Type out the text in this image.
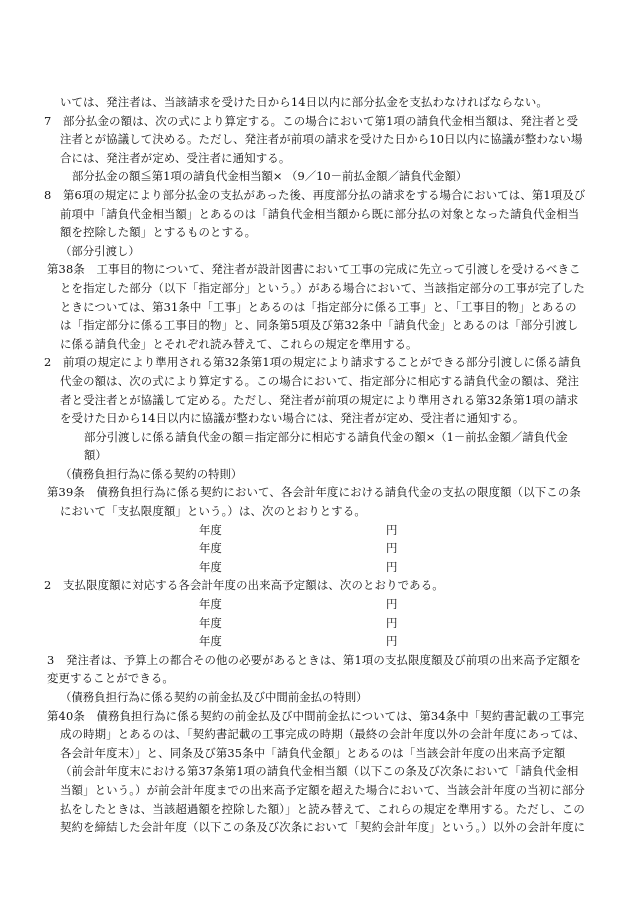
いては、発注者は、当該請求を受けた日から14日以内に部分払金を支払わなければならない。

7　 部分払金の額は、次の式により算定する。この場合において第1項の請負代金相当額は、発注者と受注者とが協議して決める。ただし、発注者が前項の請求を受けた日から10日以内に協議が整わない場合には、発注者が定め、受注者に通知する。

部分払金の額≦第1項の請負代金相当額× （9／10－前払金額／請負代金額）

8　 第6項の規定により部分払金の支払があった後、再度部分払の請求をする場合においては、第1項及び前項中「請負代金相当額」とあるのは「請負代金相当額から既に部分払の対象となった請負代金相当額を控除した額」とするものとする。

（部分引渡し）

第38条　 工事目的物について、発注者が設計図書において工事の完成に先立って引渡しを受けるべきことを指定した部分（以下「指定部分」という。）がある場合において、当該指定部分の工事が完了したときについては、第31条中「工事」とあるのは「指定部分に係る工事」と、「工事目的物」とあるのは「指定部分に係る工事目的物」と、同条第5項及び第32条中「請負代金」とあるのは「部分引渡しに係る請負代金」とそれぞれ読み替えて、これらの規定を準用する。

2　 前項の規定により準用される第32条第1項の規定により請求することができる部分引渡しに係る請負代金の額は、次の式により算定する。この場合において、指定部分に相応する請負代金の額は、発注者と受注者とが協議して定める。ただし、発注者が前項の規定により準用される第32条第1項の請求を受けた日から14日以内に協議が整わない場合には、発注者が定め、受注者に通知する。

部分引渡しに係る請負代金の額＝指定部分に相応する請負代金の額×（1－前払金額／請負代金
額）

（債務負担行為に係る契約の特則）

第39条　 債務負担行為に係る契約において、各会計年度における請負代金の支払の限度額（以下この条において「支払限度額」という。）は、次のとおりとする。

年度	円
年度	円
年度	円

2　 支払限度額に対応する各会計年度の出来高予定額は、次のとおりである。

年度	円
年度	円
年度	円

3　 発注者は、予算上の都合その他の必要があるときは、第1項の支払限度額及び前項の出来高予定額を変更することができる。

（債務負担行為に係る契約の前金払及び中間前金払の特則）

第40条　 債務負担行為に係る契約の前金払及び中間前金払については、第34条中「契約書記載の工事完成の時期」とあるのは、「契約書記載の工事完成の時期（最終の会計年度以外の会計年度にあっては、各会計年度末）」と、同条及び第35条中「請負代金額」とあるのは「当該会計年度の出来高予定額（前会計年度末における第37条第1項の請負代金相当額（以下この条及び次条において「請負代金相当額」という。）が前会計年度までの出来高予定額を超えた場合において、当該会計年度の当初に部分払をしたときは、当該超過額を控除した額）」と読み替えて、これらの規定を準用する。ただし、この契約を締結した会計年度（以下この条及び次条において「契約会計年度」という。）以外の会計年度に
